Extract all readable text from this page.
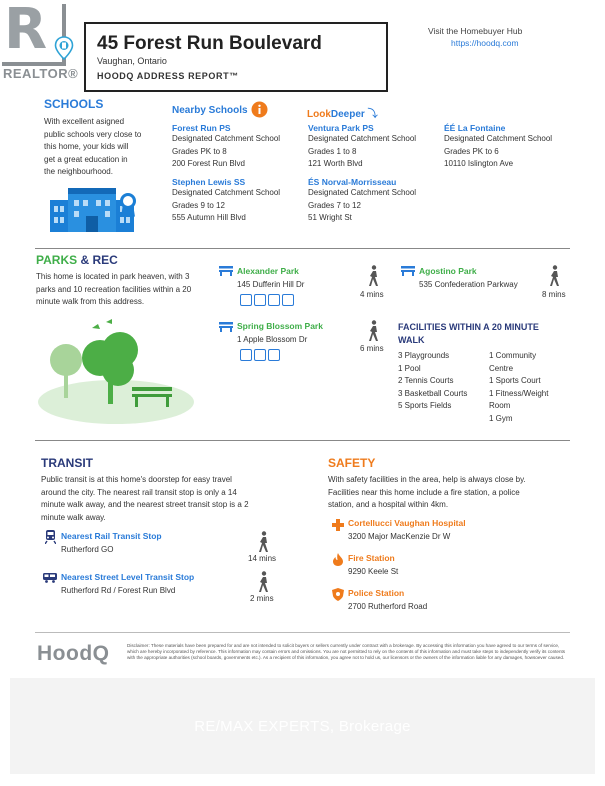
R
REALTOR®
45 Forest Run Boulevard
Vaughan, Ontario
HOODQ ADDRESS REPORT™
Visit the Homebuyer Hub
https://hoodq.com
SCHOOLS
With excellent asigned
public schools very close to
this home, your kids will
get a great education in
the neighbourhood.
Nearby Schools	LookDeeper ⤵
Forest Run PS
Designated Catchment School
Grades PK to 8
200 Forest Run Blvd
Ventura Park PS
Designated Catchment School
Grades 1 to 8
121 Worth Blvd
ÉÉ La Fontaine
Designated Catchment School
Grades PK to 6
10110 Islington Ave
Stephen Lewis SS
Designated Catchment School
Grades 9 to 12
555 Autumn Hill Blvd
ÉS Norval-Morrisseau
Designated Catchment School
Grades 7 to 12
51 Wright St
PARKS & REC
This home is located in park heaven, with 3
parks and 10 recreation facilities within a 20
minute walk from this address.
Alexander Park
145 Dufferin Hill Dr
4 mins
Agostino Park
535 Confederation Parkway
8 mins
Spring Blossom Park
1 Apple Blossom Dr
6 mins
FACILITIES WITHIN A 20 MINUTE
WALK
3 Playgrounds
1 Pool
2 Tennis Courts
3 Basketball Courts
5 Sports Fields
1 Community
Centre
1 Sports Court
1 Fitness/Weight
Room
1 Gym
TRANSIT
Public transit is at this home's doorstep for easy travel
around the city. The nearest rail transit stop is only a 14
minute walk away, and the nearest street transit stop is a 2
minute walk away.
Nearest Rail Transit Stop
Rutherford GO
14 mins
Nearest Street Level Transit Stop
Rutherford Rd / Forest Run Blvd
2 mins
SAFETY
With safety facilities in the area, help is always close by.
Facilities near this home include a fire station, a police
station, and a hospital within 4km.
Cortellucci Vaughan Hospital
3200 Major MacKenzie Dr W
Fire Station
9290 Keele St
Police Station
2700 Rutherford Road
HoodQ	Disclaimer: These materials have been prepared for and are not intended to solicit buyers or sellers currently under contract with a brokerage. By accessing this information you have agreed to our terms of service, which are hereby incorporated by reference. This information may contain errors and omissions. You are not permitted to rely on the contents of this information and must take steps to independently verify its contents with the appropriate authorities (school boards, governments etc.). As a recipient of this information, you agree not to hold us, our licensors or the owners of the information liable for any damages, howsoever caused.
RE/MAX EXPERTS, Brokerage
